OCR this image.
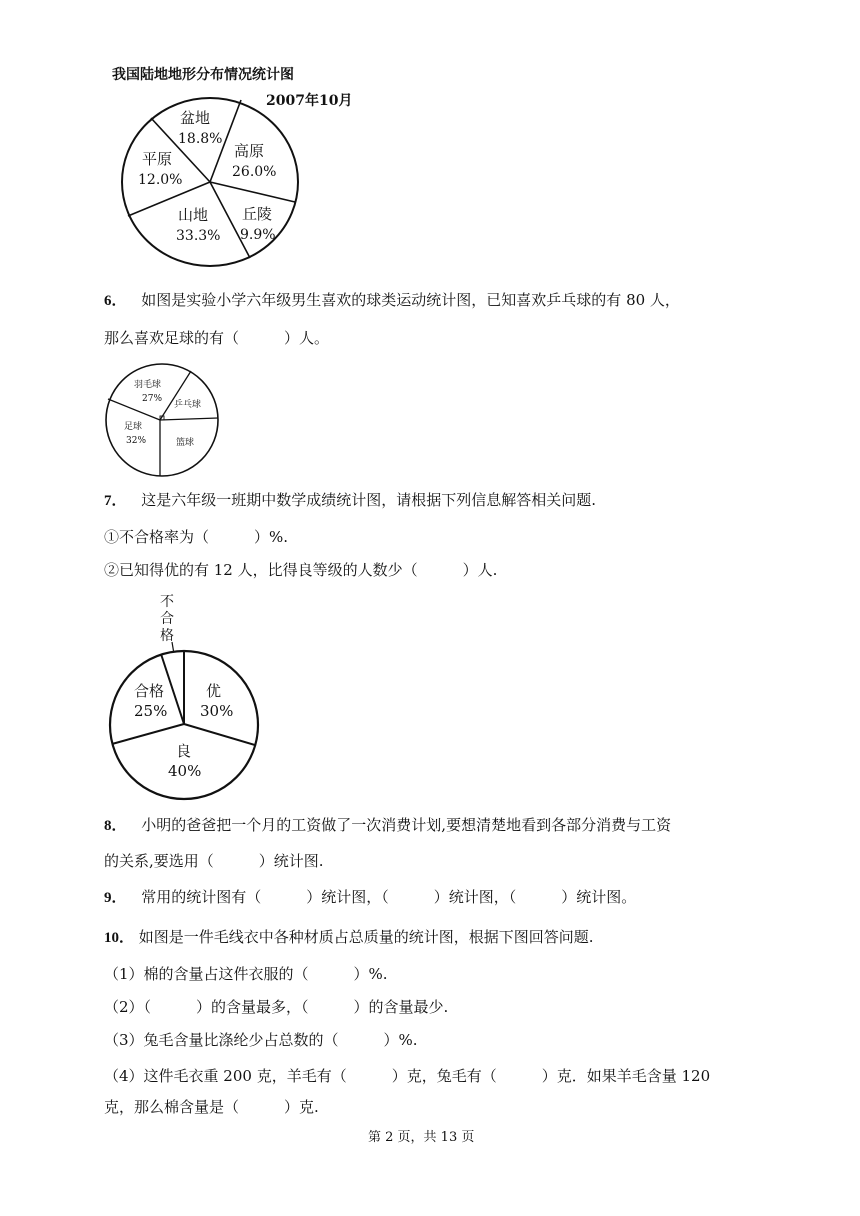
我国陆地地形分布情况统计图
2007年10月
盆地
18.8%
高原
26.0%
丘陵
9.9%
山地
33.3%
平原
12.0%
6． 如图是实验小学六年级男生喜欢的球类运动统计图，已知喜欢乒乓球的有 80 人，
那么喜欢足球的有（　　　）人。
羽毛球
27%
乒乓球
篮球
足球
32%
7． 这是六年级一班期中数学成绩统计图，请根据下列信息解答相关问题.
①不合格率为（　　　）%.
②已知得优的有 12 人，比得良等级的人数少（　　　）人.
不
合
格
优
30%
合格
25%
良
40%
8． 小明的爸爸把一个月的工资做了一次消费计划,要想清楚地看到各部分消费与工资
的关系,要选用（　　　）统计图.
9． 常用的统计图有（　　　）统计图，（　　　）统计图，（　　　）统计图。
10． 如图是一件毛线衣中各种材质占总质量的统计图，根据下图回答问题.
（1）棉的含量占这件衣服的（　　　）%.
（2）（　　　）的含量最多，（　　　）的含量最少.
（3）兔毛含量比涤纶少占总数的（　　　）%.
（4）这件毛衣重 200 克，羊毛有（　　　）克，兔毛有（　　　）克．如果羊毛含量 120
克，那么棉含量是（　　　）克.
第 2 页，共 13 页
